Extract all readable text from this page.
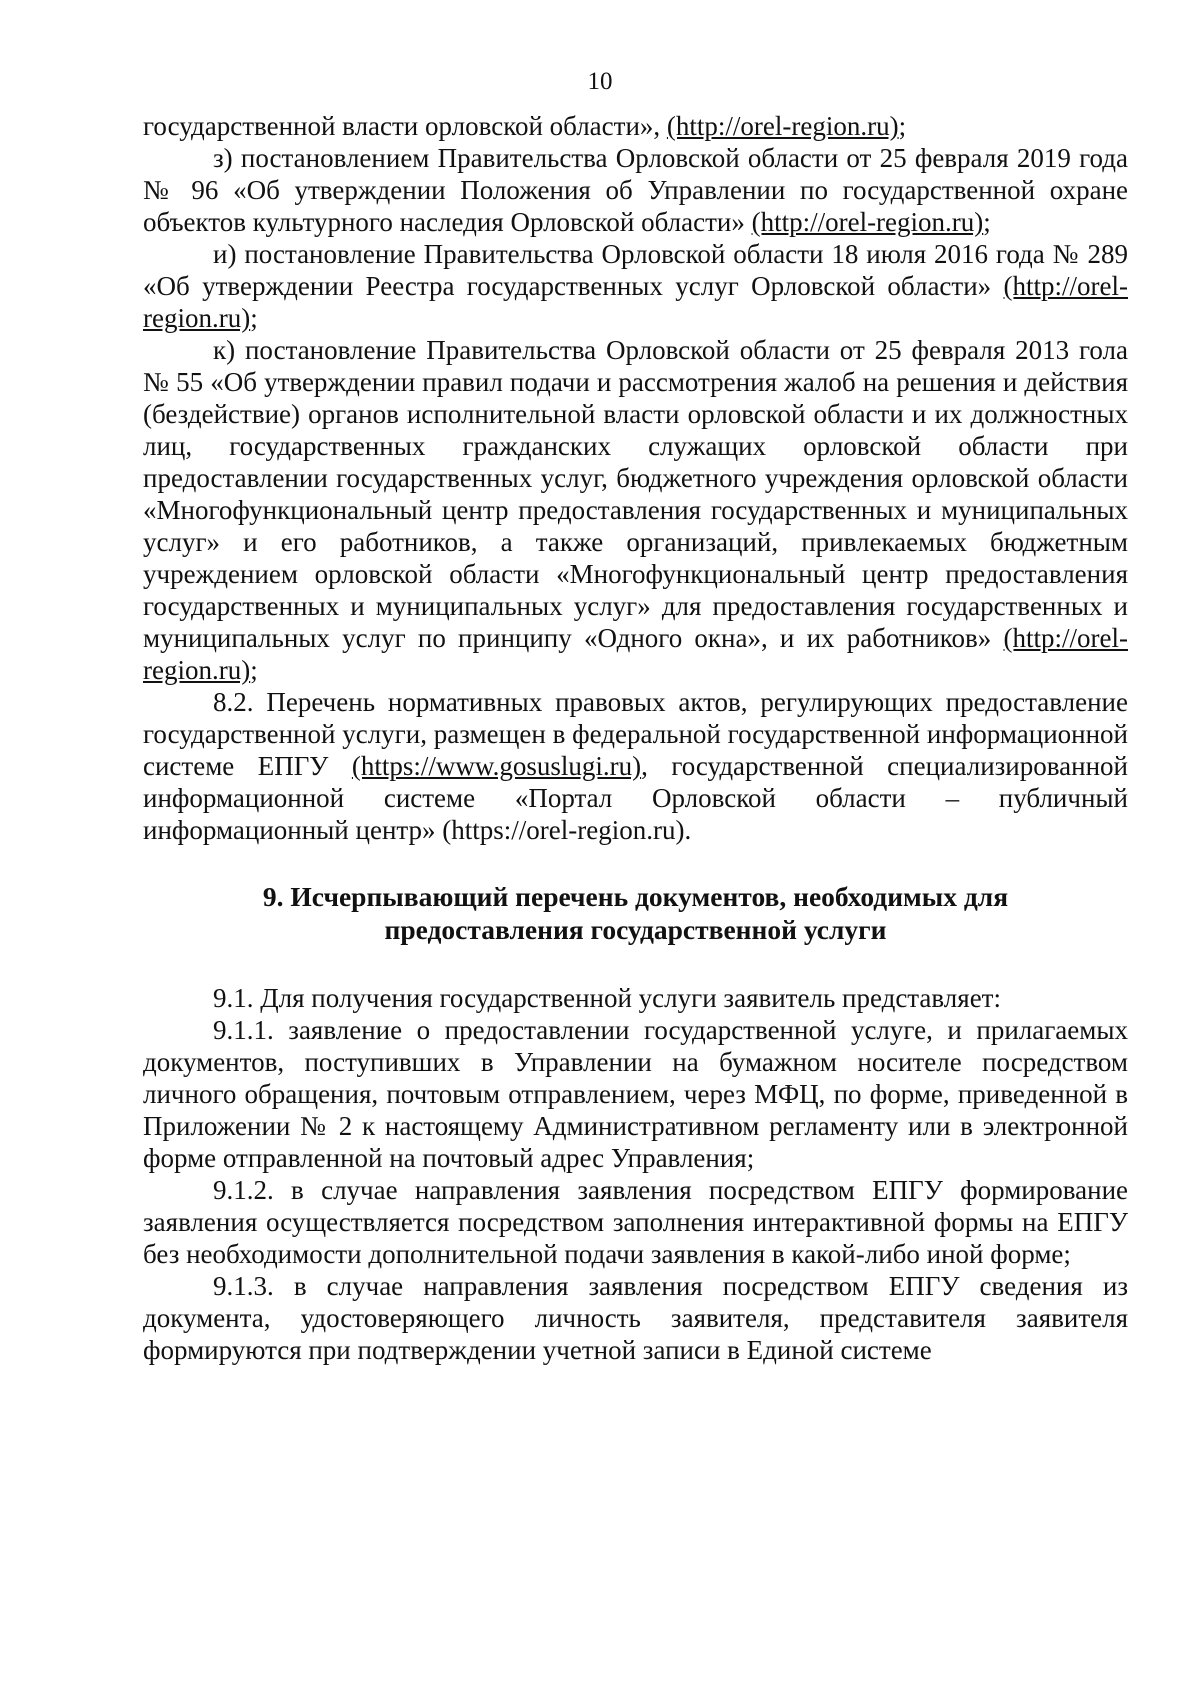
10

государственной власти орловской области», (http://orel-region.ru);

з) постановлением Правительства Орловской области от 25 февраля 2019 года № 96 «Об утверждении Положения об Управлении по государственной охране объектов культурного наследия Орловской области» (http://orel-region.ru);

и) постановление Правительства Орловской области 18 июля 2016 года № 289 «Об утверждении Реестра государственных услуг Орловской области» (http://orel-region.ru);

к) постановление Правительства Орловской области от 25 февраля 2013 гола № 55 «Об утверждении правил подачи и рассмотрения жалоб на решения и действия (бездействие) органов исполнительной власти орловской области и их должностных лиц, государственных гражданских служащих орловской области при предоставлении государственных услуг, бюджетного учреждения орловской области «Многофункциональный центр предоставления государственных и муниципальных услуг» и его работников, а также организаций, привлекаемых бюджетным учреждением орловской области «Многофункциональный центр предоставления государственных и муниципальных услуг» для предоставления государственных и муниципальных услуг по принципу «Одного окна», и их работников» (http://orel-region.ru);

8.2. Перечень нормативных правовых актов, регулирующих предоставление государственной услуги, размещен в федеральной государственной информационной системе ЕПГУ (https://www.gosuslugi.ru), государственной специализированной информационной системе «Портал Орловской области – публичный информационный центр» (https://orel-region.ru).

9. Исчерпывающий перечень документов, необходимых для
предоставления государственной услуги

9.1. Для получения государственной услуги заявитель представляет:

9.1.1. заявление о предоставлении государственной услуге, и прилагаемых документов, поступивших в Управлении на бумажном носителе посредством личного обращения, почтовым отправлением, через МФЦ, по форме, приведенной в Приложении № 2 к настоящему Административном регламенту или в электронной форме отправленной на почтовый адрес Управления;

9.1.2. в случае направления заявления посредством ЕПГУ формирование заявления осуществляется посредством заполнения интерактивной формы на ЕПГУ без необходимости дополнительной подачи заявления в какой-либо иной форме;

9.1.3. в случае направления заявления посредством ЕПГУ сведения из документа, удостоверяющего личность заявителя, представителя заявителя формируются при подтверждении учетной записи в Единой системе
